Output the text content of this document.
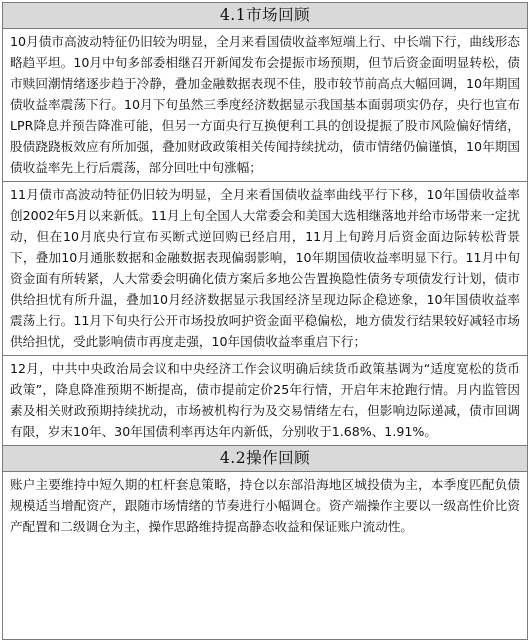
4.1市场回顾
10月债市高波动特征仍旧较为明显，全月来看国债收益率短端上行、中长端下行，曲线形态略趋平坦。10月中旬多部委相继召开新闻发布会提振市场预期，但节后资金面明显转松，债市赎回潮情绪逐步趋于冷静，叠加金融数据表现不佳，股市较节前高点大幅回调，10年期国债收益率震荡下行。10月下旬虽然三季度经济数据显示我国基本面弱项实仍存，央行也宣布LPR降息并预告降准可能，但另一方面央行互换便利工具的创设提振了股市风险偏好情绪，股债跷跷板效应有所加强，叠加财政政策相关传闻持续扰动，债市情绪仍偏谨慎，10年期国债收益率先上行后震荡，部分回吐中旬涨幅；
11月债市高波动特征仍旧较为明显，全月来看国债收益率曲线平行下移，10年国债收益率创2002年5月以来新低。11月上旬全国人大常委会和美国大选相继落地并给市场带来一定扰动，但在10月底央行宣布买断式逆回购已经启用，11月上旬跨月后资金面边际转松背景下，叠加10月通胀数据和金融数据表现偏弱影响，10年期国债收益率明显下行。11月中旬资金面有所转紧，人大常委会明确化债方案后多地公告置换隐性债务专项债发行计划，债市供给担忧有所升温，叠加10月经济数据显示我国经济呈现边际企稳迹象，10年国债收益率震荡上行。11月下旬央行公开市场投放呵护资金面平稳偏松，地方债发行结果较好减轻市场供给担忧，受此影响债市再度走强，10年国债收益率重启下行；
12月，中共中央政治局会议和中央经济工作会议明确后续货币政策基调为“适度宽松的货币政策”，降息降准预期不断提高，债市提前定价25年行情，开启年末抢跑行情。月内监管因素及相关财政预期持续扰动，市场被机构行为及交易情绪左右，但影响边际递减，债市回调有限，岁末10年、30年国债利率再达年内新低，分别收于1.68%、1.91%。
4.2操作回顾
账户主要维持中短久期的杠杆套息策略，持仓以东部沿海地区城投债为主，本季度匹配负债规模适当增配资产，跟随市场情绪的节奏进行小幅调仓。资产端操作主要以一级高性价比资产配置和二级调仓为主，操作思路维持提高静态收益和保证账户流动性。
